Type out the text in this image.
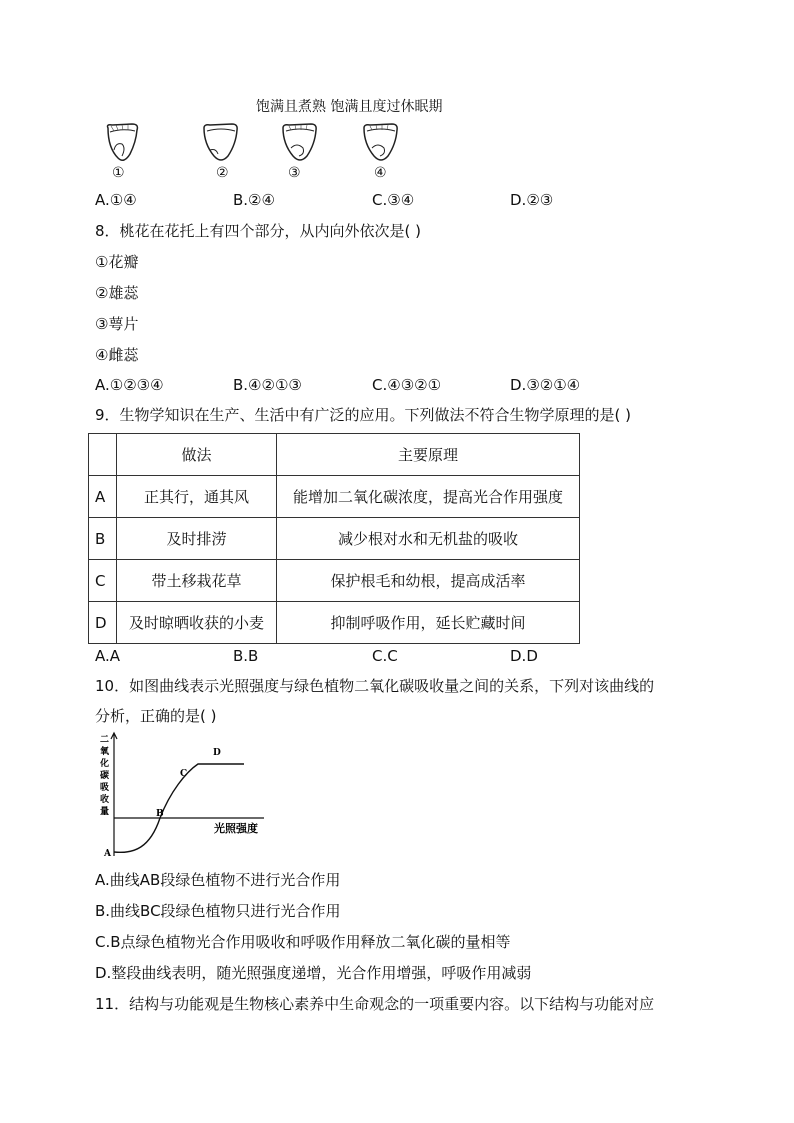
饱满且煮熟 饱满且度过休眠期
①	②	③	④
A.①④	B.②④	C.③④	D.②③
8．桃花在花托上有四个部分，从内向外依次是( )
①花瓣
②雄蕊
③萼片
④雌蕊
A.①②③④	B.④②①③	C.④③②①	D.③②①④
9．生物学知识在生产、生活中有广泛的应用。下列做法不符合生物学原理的是( )
	做法	主要原理
A	正其行，通其风	能增加二氧化碳浓度，提高光合作用强度
B	及时排涝	减少根对水和无机盐的吸收
C	带土移栽花草	保护根毛和幼根，提高成活率
D	及时晾晒收获的小麦	抑制呼吸作用，延长贮藏时间
A.A	B.B	C.C	D.D
10．如图曲线表示光照强度与绿色植物二氧化碳吸收量之间的关系，下列对该曲线的
分析，正确的是( )
二
氧
化
碳
吸
收
量
A
B
C
D
光照强度
A.曲线AB段绿色植物不进行光合作用
B.曲线BC段绿色植物只进行光合作用
C.B点绿色植物光合作用吸收和呼吸作用释放二氧化碳的量相等
D.整段曲线表明，随光照强度递增，光合作用增强，呼吸作用减弱
11．结构与功能观是生物核心素养中生命观念的一项重要内容。以下结构与功能对应
